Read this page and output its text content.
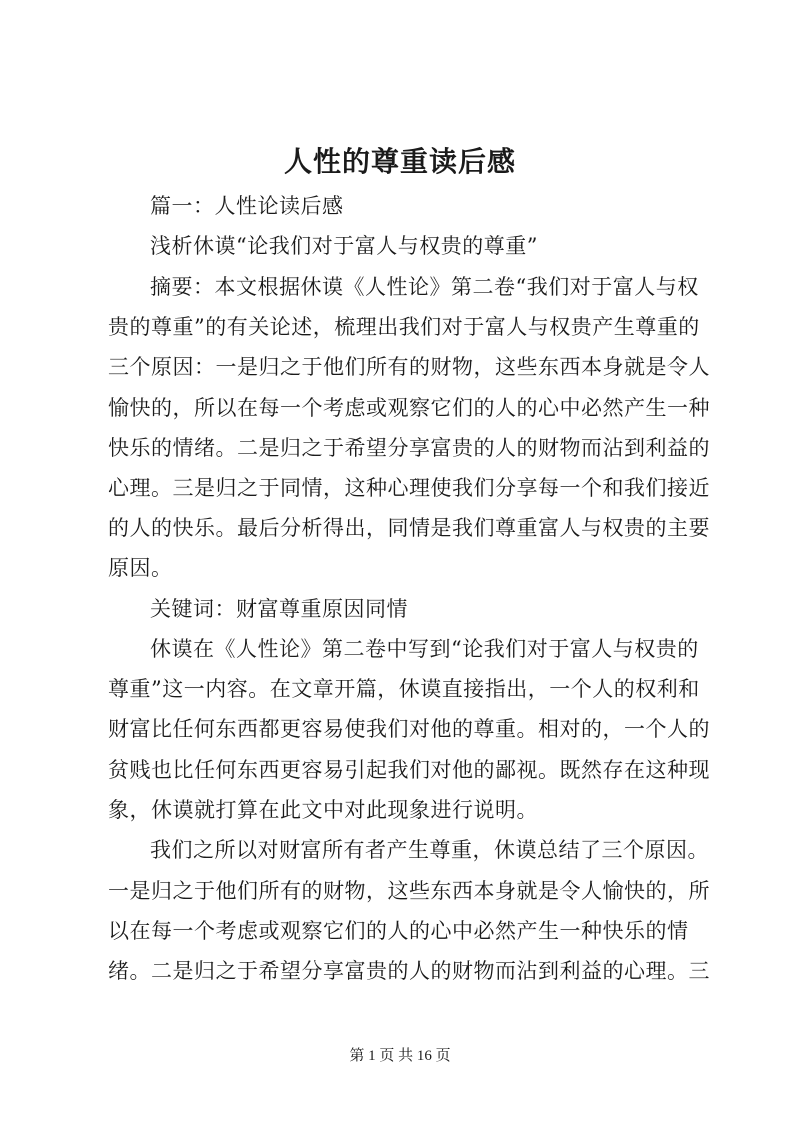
人性的尊重读后感
篇一：人性论读后感
浅析休谟“论我们对于富人与权贵的尊重”
摘要：本文根据休谟《人性论》第二卷“我们对于富人与权
贵的尊重”的有关论述，梳理出我们对于富人与权贵产生尊重的
三个原因：一是归之于他们所有的财物，这些东西本身就是令人
愉快的，所以在每一个考虑或观察它们的人的心中必然产生一种
快乐的情绪。二是归之于希望分享富贵的人的财物而沾到利益的
心理。三是归之于同情，这种心理使我们分享每一个和我们接近
的人的快乐。最后分析得出，同情是我们尊重富人与权贵的主要
原因。
关键词：财富尊重原因同情
休谟在《人性论》第二卷中写到“论我们对于富人与权贵的
尊重”这一内容。在文章开篇，休谟直接指出，一个人的权利和
财富比任何东西都更容易使我们对他的尊重。相对的，一个人的
贫贱也比任何东西更容易引起我们对他的鄙视。既然存在这种现
象，休谟就打算在此文中对此现象进行说明。
我们之所以对财富所有者产生尊重，休谟总结了三个原因。
一是归之于他们所有的财物，这些东西本身就是令人愉快的，所
以在每一个考虑或观察它们的人的心中必然产生一种快乐的情
绪。二是归之于希望分享富贵的人的财物而沾到利益的心理。三
第 1 页 共 16 页
